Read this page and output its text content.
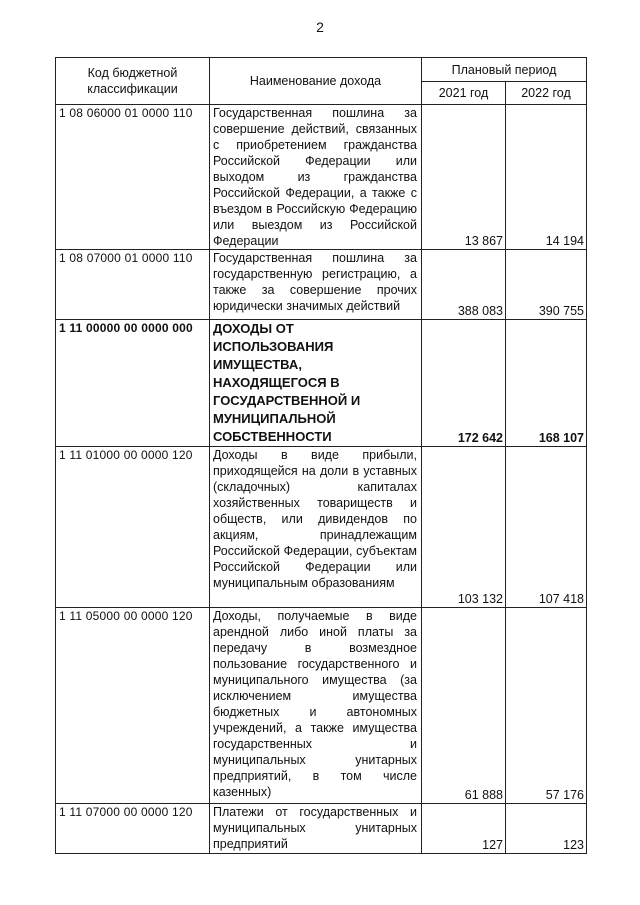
2
Код бюджетной классификации	Наименование дохода	Плановый период	
		2021 год	2022 год
1 08 06000 01 0000 110	Государственная пошлина за совершение действий, связанных с приобретением гражданства Российской Федерации или выходом из гражданства Российской Федерации, а также с въездом в Российскую Федерацию или выездом из Российской Федерации	13 867	14 194
1 08 07000 01 0000 110	Государственная пошлина за государственную регистрацию, а также за совершение прочих юридически значимых действий	388 083	390 755
1 11 00000 00 0000 000	ДОХОДЫ ОТ ИСПОЛЬЗОВАНИЯ ИМУЩЕСТВА, НАХОДЯЩЕГОСЯ В ГОСУДАРСТВЕННОЙ И МУНИЦИПАЛЬНОЙ СОБСТВЕННОСТИ	172 642	168 107
1 11 01000 00 0000 120	Доходы в виде прибыли, приходящейся на доли в уставных (складочных) капиталах хозяйственных товариществ и обществ, или дивидендов по акциям, принадлежащим Российской Федерации, субъектам Российской Федерации или муниципальным образованиям	103 132	107 418
1 11 05000 00 0000 120	Доходы, получаемые в виде арендной либо иной платы за передачу в возмездное пользование государственного и муниципального имущества (за исключением имущества бюджетных и автономных учреждений, а также имущества государственных и муниципальных унитарных предприятий, в том числе казенных)	61 888	57 176
1 11 07000 00 0000 120	Платежи от государственных и муниципальных унитарных предприятий	127	123
